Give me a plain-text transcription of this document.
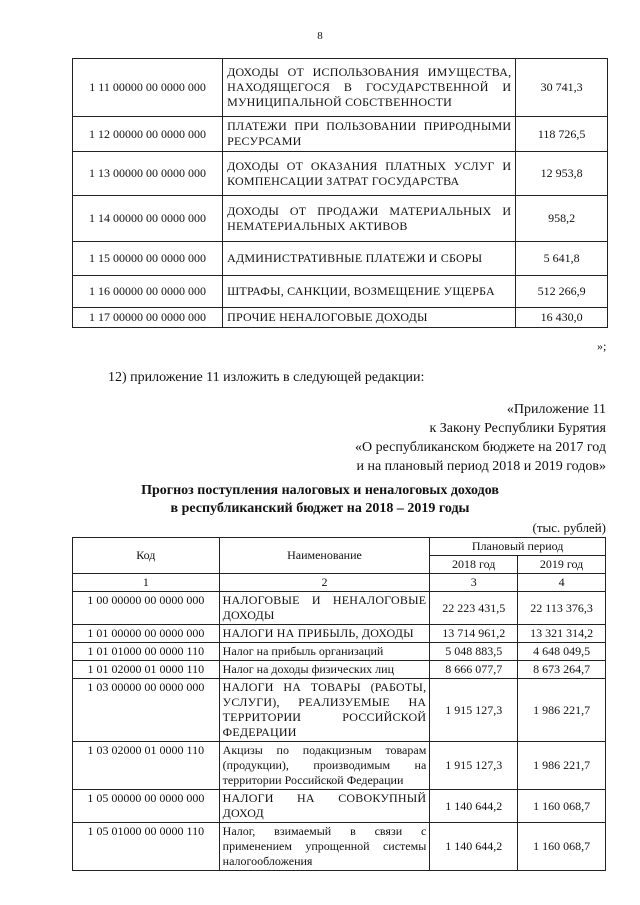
8
1 11 00000 00 0000 000	ДОХОДЫ ОТ ИСПОЛЬЗОВАНИЯ ИМУЩЕСТВА, НАХОДЯЩЕГОСЯ В ГОСУДАРСТВЕННОЙ И МУНИЦИПАЛЬНОЙ СОБСТВЕННОСТИ	30 741,3
1 12 00000 00 0000 000	ПЛАТЕЖИ ПРИ ПОЛЬЗОВАНИИ ПРИРОДНЫМИ РЕСУРСАМИ	118 726,5
1 13 00000 00 0000 000	ДОХОДЫ ОТ ОКАЗАНИЯ ПЛАТНЫХ УСЛУГ И КОМПЕНСАЦИИ ЗАТРАТ ГОСУДАРСТВА	12 953,8
1 14 00000 00 0000 000	ДОХОДЫ ОТ ПРОДАЖИ МАТЕРИАЛЬНЫХ И НЕМАТЕРИАЛЬНЫХ АКТИВОВ	958,2
1 15 00000 00 0000 000	АДМИНИСТРАТИВНЫЕ ПЛАТЕЖИ И СБОРЫ	5 641,8
1 16 00000 00 0000 000	ШТРАФЫ, САНКЦИИ, ВОЗМЕЩЕНИЕ УЩЕРБА	512 266,9
1 17 00000 00 0000 000	ПРОЧИЕ НЕНАЛОГОВЫЕ ДОХОДЫ	16 430,0
»;
12) приложение 11 изложить в следующей редакции:
«Приложение 11
к Закону Республики Бурятия
«О республиканском бюджете на 2017 год
и на плановый период 2018 и 2019 годов»
Прогноз поступления налоговых и неналоговых доходов
в республиканский бюджет на 2018 – 2019 годы
(тыс. рублей)
Код	Наименование	Плановый период	
		2018 год	2019 год
1	2	3	4
1 00 00000 00 0000 000	НАЛОГОВЫЕ И НЕНАЛОГОВЫЕ ДОХОДЫ	22 223 431,5	22 113 376,3
1 01 00000 00 0000 000	НАЛОГИ НА ПРИБЫЛЬ, ДОХОДЫ	13 714 961,2	13 321 314,2
1 01 01000 00 0000 110	Налог на прибыль организаций	5 048 883,5	4 648 049,5
1 01 02000 01 0000 110	Налог на доходы физических лиц	8 666 077,7	8 673 264,7
1 03 00000 00 0000 000	НАЛОГИ НА ТОВАРЫ (РАБОТЫ, УСЛУГИ), РЕАЛИЗУЕМЫЕ НА ТЕРРИТОРИИ РОССИЙСКОЙ ФЕДЕРАЦИИ	1 915 127,3	1 986 221,7
1 03 02000 01 0000 110	Акцизы по подакцизным товарам (продукции), производимым на территории Российской Федерации	1 915 127,3	1 986 221,7
1 05 00000 00 0000 000	НАЛОГИ НА СОВОКУПНЫЙ ДОХОД	1 140 644,2	1 160 068,7
1 05 01000 00 0000 110	Налог, взимаемый в связи с применением упрощенной системы налогообложения	1 140 644,2	1 160 068,7
